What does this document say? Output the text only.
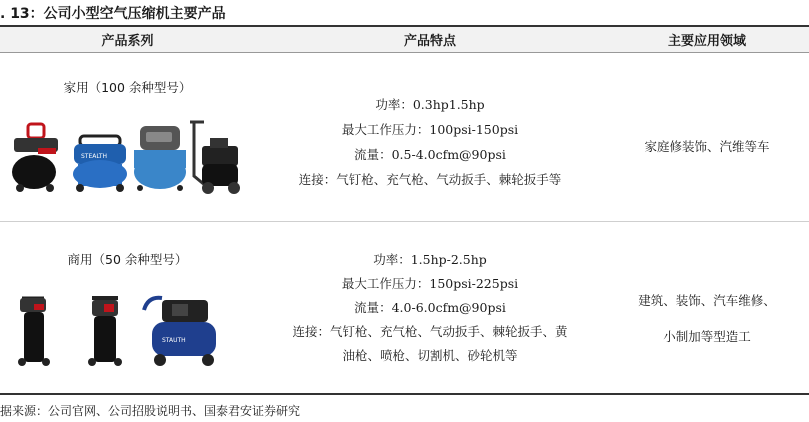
. 13：公司小型空气压缩机主要产品
产品系列	产品特点	主要应用领域
家用（100 余种型号）
STEALTH
功率：0.3hp1.5hp
最大工作压力：100psi-150psi
流量：0.5-4.0cfm@90psi
连接：气钉枪、充气枪、气动扳手、棘轮扳手等
家庭修装饰、汽维等车
商用（50 余种型号）
STAUTH
功率：1.5hp-2.5hp
最大工作压力：150psi-225psi
流量：4.0-6.0cfm@90psi
连接：气钉枪、充气枪、气动扳手、棘轮扳手、黄
油枪、喷枪、切割机、砂轮机等
建筑、装饰、汽车维修、
小制加等型造工
据来源：公司官网、公司招股说明书、国泰君安证券研究
